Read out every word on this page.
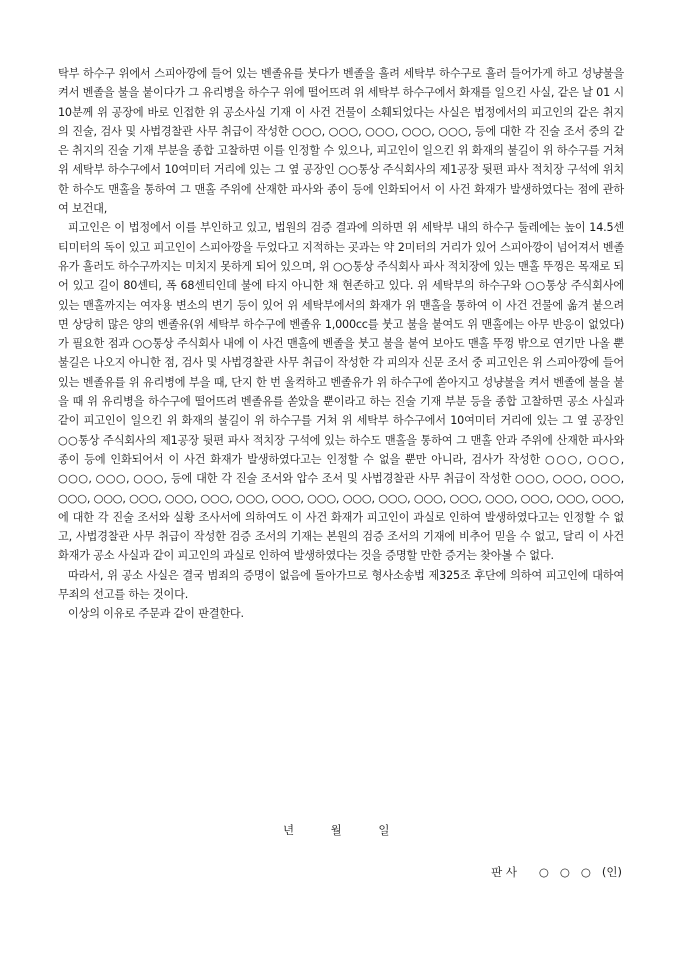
탁부 하수구 위에서 스피아깡에 들어 있는 벤졸유를 붓다가 벤졸을 흘려 세탁부 하수구로 흘러 들어가게 하고 성냥불을 켜서 벤졸을 불을 붙이다가 그 유리병을 하수구 위에 떨어뜨려 위 세탁부 하수구에서 화재를 일으킨 사실, 같은 날 01 시 10분께 위 공장에 바로 인접한 위 공소사실 기재 이 사건 건물이 소훼되었다는 사실은 법정에서의 피고인의 같은 취지의 진술, 검사 및 사법경찰관 사무 취급이 작성한 ○○○, ○○○, ○○○, ○○○, ○○○, 등에 대한 각 진술 조서 중의 같은 취지의 진술 기재 부분을 종합 고찰하면 이를 인정할 수 있으나, 피고인이 일으킨 위 화재의 불길이 위 하수구를 거쳐 위 세탁부 하수구에서 10여미터 거리에 있는 그 옆 공장인 ○○통상 주식회사의 제1공장 뒷편 파사 적치장 구석에 위치한 하수도 맨홀을 통하여 그 맨홀 주위에 산재한 파사와 종이 등에 인화되어서 이 사건 화재가 발생하였다는 점에 관하여 보건대,

피고인은 이 법정에서 이를 부인하고 있고, 법원의 검증 결과에 의하면 위 세탁부 내의 하수구 둘레에는 높이 14.5센티미터의 독이 있고 피고인이 스피아깡을 두었다고 지적하는 곳과는 약 2미터의 거리가 있어 스피아깡이 넘어져서 벤졸유가 흘러도 하수구까지는 미치지 못하게 되어 있으며, 위 ○○통상 주식회사 파사 적치장에 있는 맨홀 뚜껑은 목재로 되어 있고 길이 80센티, 폭 68센티인데 불에 타지 아니한 채 현존하고 있다. 위 세탁부의 하수구와 ○○통상 주식회사에 있는 맨홀까지는 여자용 변소의 변기 등이 있어 위 세탁부에서의 화재가 위 맨홀을 통하여 이 사건 건물에 옮겨 붙으려면 상당히 많은 양의 벤졸유(위 세탁부 하수구에 벤졸유 1,000cc를 붓고 불을 붙여도 위 맨홀에는 아무 반응이 없었다)가 필요한 점과 ○○통상 주식회사 내에 이 사건 맨홀에 벤졸을 붓고 불을 붙여 보아도 맨홀 뚜껑 밖으로 연기만 나올 뿐 불길은 나오지 아니한 점, 검사 및 사법경찰관 사무 취급이 작성한 각 피의자 신문 조서 중 피고인은 위 스피아깡에 들어 있는 벤졸유를 위 유리병에 부을 때, 단지 한 번 울컥하고 벤졸유가 위 하수구에 쏟아지고 성냥불을 켜서 벤졸에 불을 붙을 때 위 유리병을 하수구에 떨어뜨려 벤졸유를 쏟았을 뿐이라고 하는 진술 기재 부분 등을 종합 고찰하면 공소 사실과 같이 피고인이 일으킨 위 화재의 불길이 위 하수구를 거쳐 위 세탁부 하수구에서 10여미터 거리에 있는 그 옆 공장인 ○○통상 주식회사의 제1공장 뒷편 파사 적치장 구석에 있는 하수도 맨홀을 통하여 그 맨홀 안과 주위에 산재한 파사와 종이 등에 인화되어서 이 사건 화재가 발생하였다고는 인정할 수 없을 뿐만 아니라, 검사가 작성한 ○○○, ○○○, ○○○, ○○○, ○○○, 등에 대한 각 진술 조서와 압수 조서 및 사법경찰관 사무 취급이 작성한 ○○○, ○○○, ○○○, ○○○, ○○○, ○○○, ○○○, ○○○, ○○○, ○○○, ○○○, ○○○, ○○○, ○○○, ○○○, ○○○, ○○○, ○○○, ○○○, 에 대한 각 진술 조서와 실황 조사서에 의하여도 이 사건 화재가 피고인이 과실로 인하여 발생하였다고는 인정할 수 없고, 사법경찰관 사무 취급이 작성한 검증 조서의 기재는 본원의 검증 조서의 기재에 비추어 믿을 수 없고, 달리 이 사건 화재가 공소 사실과 같이 피고인의 과실로 인하여 발생하였다는 것을 증명할 만한 증거는 찾아볼 수 없다.

따라서, 위 공소 사실은 결국 범죄의 증명이 없음에 돌아가므로 형사소송법 제325조 후단에 의하여 피고인에 대하여 무죄의 선고를 하는 것이다.

이상의 이유로 주문과 같이 판결한다.

년          월          일
판 사      ○   ○   ○   (인)
